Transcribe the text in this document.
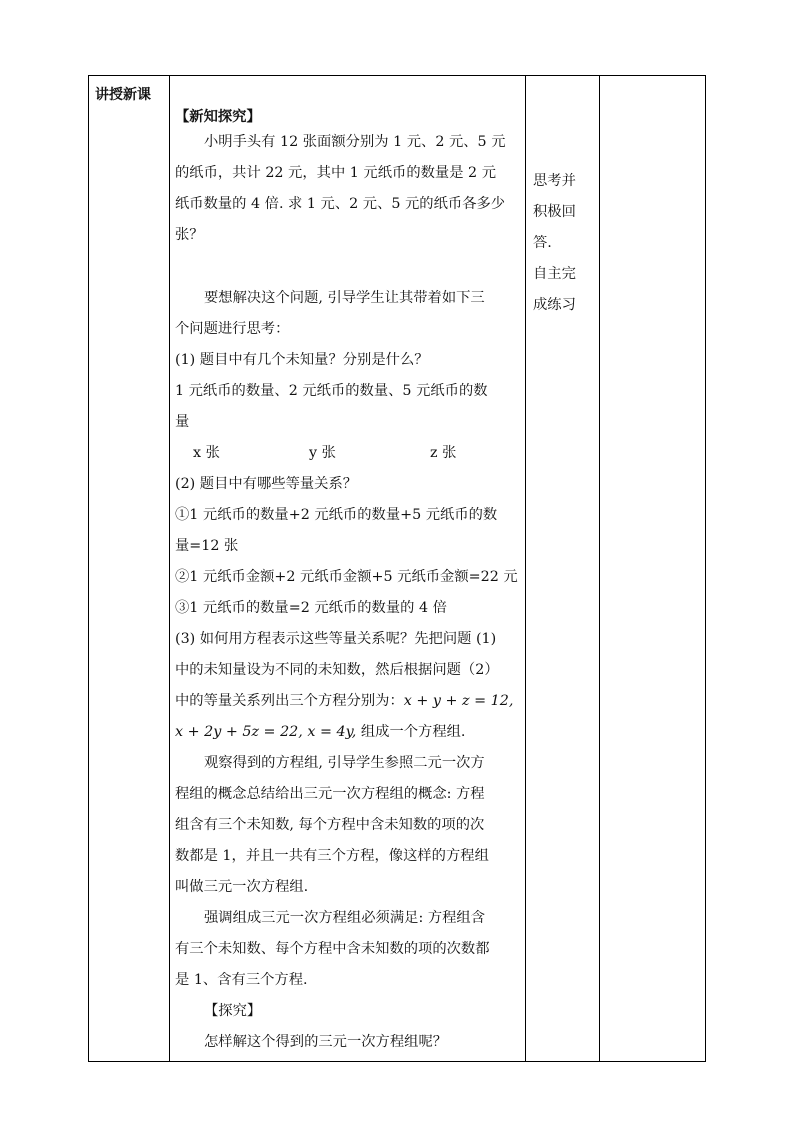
讲授新课
【新知探究】
小明手头有 12 张面额分别为 1 元、2 元、5 元
的纸币，共计 22 元，其中 1 元纸币的数量是 2 元
纸币数量的 4 倍. 求 1 元、2 元、5 元的纸币各多少
张？
要想解决这个问题, 引导学生让其带着如下三
个问题进行思考：
(1) 题目中有几个未知量？分别是什么？
1 元纸币的数量、2 元纸币的数量、5 元纸币的数
量
x 张	y 张	z 张
(2) 题目中有哪些等量关系？
①1 元纸币的数量+2 元纸币的数量+5 元纸币的数
量=12 张
②1 元纸币金额+2 元纸币金额+5 元纸币金额=22 元
③1 元纸币的数量=2 元纸币的数量的 4 倍
(3) 如何用方程表示这些等量关系呢？先把问题 (1)
中的未知量设为不同的未知数，然后根据问题（2）
中的等量关系列出三个方程分别为：x + y + z = 12,
x + 2y + 5z = 22, x = 4y, 组成一个方程组.
观察得到的方程组, 引导学生参照二元一次方
程组的概念总结给出三元一次方程组的概念: 方程
组含有三个未知数, 每个方程中含未知数的项的次
数都是 1，并且一共有三个方程，像这样的方程组
叫做三元一次方程组.
强调组成三元一次方程组必须满足: 方程组含
有三个未知数、每个方程中含未知数的项的次数都
是 1、含有三个方程.
【探究】
怎样解这个得到的三元一次方程组呢？
思考并
积极回
答.
自主完
成练习
